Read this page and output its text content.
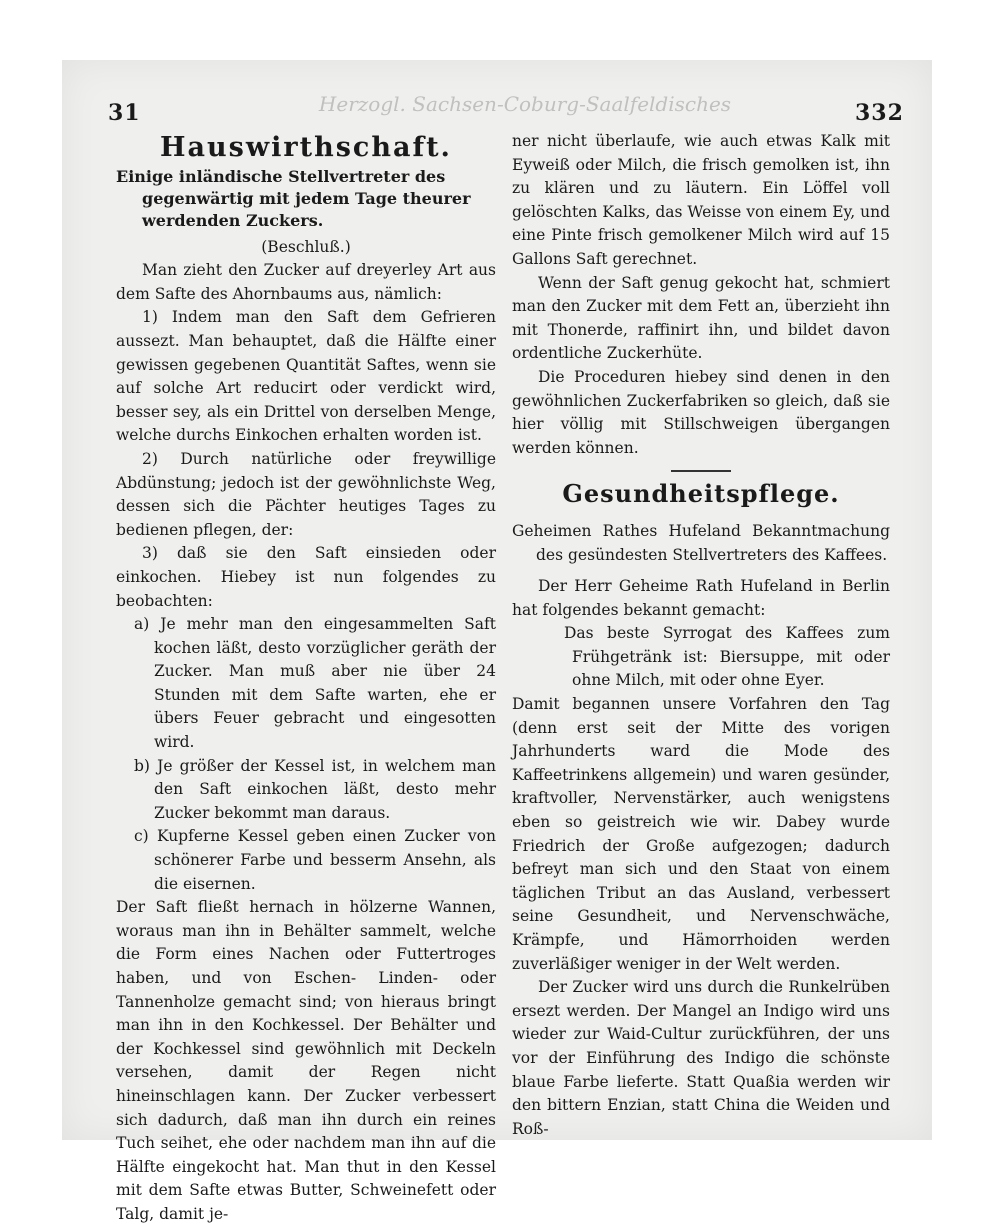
31	Herzogl. Sachsen-Coburg-Saalfeldisches	332
Hauswirthschaft.

Einige inländische Stellvertreter des gegenwärtig mit jedem Tage theurer werdenden Zuckers.

(Beschluß.)

Man zieht den Zucker auf dreyerley Art aus dem Safte des Ahornbaums aus, nämlich:

1) Indem man den Saft dem Gefrieren aussezt. Man behauptet, daß die Hälfte einer gewissen gegebenen Quantität Saftes, wenn sie auf solche Art reducirt oder verdickt wird, besser sey, als ein Drittel von derselben Menge, welche durchs Einkochen erhalten worden ist.

2) Durch natürliche oder freywillige Abdünstung; jedoch ist der gewöhnlichste Weg, dessen sich die Pächter heutiges Tages zu bedienen pflegen, der:

3) daß sie den Saft einsieden oder einkochen. Hiebey ist nun folgendes zu beobachten:

a) Je mehr man den eingesammelten Saft kochen läßt, desto vorzüglicher geräth der Zucker. Man muß aber nie über 24 Stunden mit dem Safte warten, ehe er übers Feuer gebracht und eingesotten wird.

b) Je größer der Kessel ist, in welchem man den Saft einkochen läßt, desto mehr Zucker bekommt man daraus.

c) Kupferne Kessel geben einen Zucker von schönerer Farbe und besserm Ansehn, als die eisernen.

Der Saft fließt hernach in hölzerne Wannen, woraus man ihn in Behälter sammelt, welche die Form eines Nachen oder Futtertroges haben, und von Eschen- Linden- oder Tannenholze gemacht sind; von hieraus bringt man ihn in den Kochkessel. Der Behälter und der Kochkessel sind gewöhnlich mit Deckeln versehen, damit der Regen nicht hineinschlagen kann. Der Zucker verbessert sich dadurch, daß man ihn durch ein reines Tuch seihet, ehe oder nachdem man ihn auf die Hälfte eingekocht hat. Man thut in den Kessel mit dem Safte etwas Butter, Schweinefett oder Talg, damit je-

ner nicht überlaufe, wie auch etwas Kalk mit Eyweiß oder Milch, die frisch gemolken ist, ihn zu klären und zu läutern. Ein Löffel voll gelöschten Kalks, das Weisse von einem Ey, und eine Pinte frisch gemolkener Milch wird auf 15 Gallons Saft gerechnet.

Wenn der Saft genug gekocht hat, schmiert man den Zucker mit dem Fett an, überzieht ihn mit Thonerde, raffinirt ihn, und bildet davon ordentliche Zuckerhüte.

Die Proceduren hiebey sind denen in den gewöhnlichen Zuckerfabriken so gleich, daß sie hier völlig mit Stillschweigen übergangen werden können.

Gesundheitspflege.

Geheimen Rathes Hufeland Bekanntmachung des gesündesten Stellvertreters des Kaffees.

Der Herr Geheime Rath Hufeland in Berlin hat folgendes bekannt gemacht:

Das beste Syrrogat des Kaffees zum Frühgetränk ist: Biersuppe, mit oder ohne Milch, mit oder ohne Eyer.

Damit begannen unsere Vorfahren den Tag (denn erst seit der Mitte des vorigen Jahrhunderts ward die Mode des Kaffeetrinkens allgemein) und waren gesünder, kraftvoller, Nervenstärker, auch wenigstens eben so geistreich wie wir. Dabey wurde Friedrich der Große aufgezogen; dadurch befreyt man sich und den Staat von einem täglichen Tribut an das Ausland, verbessert seine Gesundheit, und Nervenschwäche, Krämpfe, und Hämorrhoiden werden zuverläßiger weniger in der Welt werden.

Der Zucker wird uns durch die Runkelrüben ersezt werden. Der Mangel an Indigo wird uns wieder zur Waid-Cultur zurückführen, der uns vor der Einführung des Indigo die schönste blaue Farbe lieferte. Statt Quaßia werden wir den bittern Enzian, statt China die Weiden und Roß-
